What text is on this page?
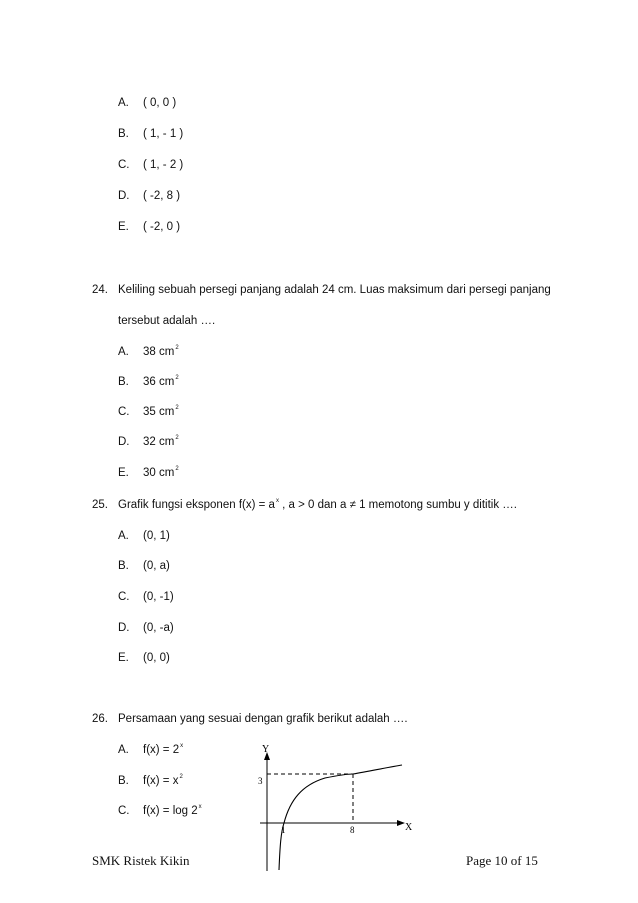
A. ( 0, 0 )
B. ( 1, - 1 )
C. ( 1, - 2 )
D. ( -2, 8 )
E. ( -2, 0 )
24. Keliling sebuah persegi panjang adalah 24 cm. Luas maksimum dari persegi panjang
tersebut adalah ….
A. 38 $cm^2$
B. 36 $cm^2$
C. 35 $cm^2$
D. 32 $cm^2$
E. 30 $cm^2$
25. Grafik fungsi eksponen $f(x) = a^x$ , a > 0 dan a ≠ 1 memotong sumbu y dititik ….
A. (0, 1)
B. (0, a)
C. (0, -1)
D. (0, -a)
E. (0, 0)
26. Persamaan yang sesuai dengan grafik berikut adalah ….
A. $f(x) = 2^x$
B. $f(x) = x^2$
C. f(x) = log 2$^x$
Y
X
3
1	8
SMK Ristek Kikin	Page 10 of 15
